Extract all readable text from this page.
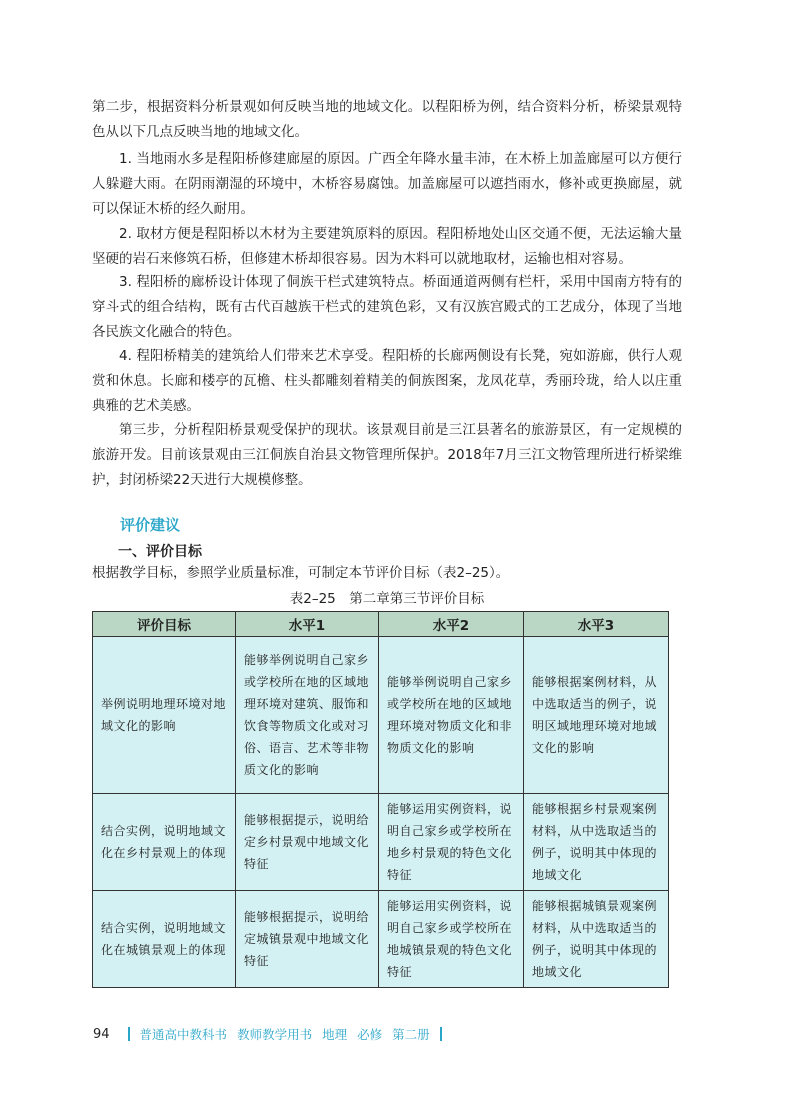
第二步，根据资料分析景观如何反映当地的地域文化。以程阳桥为例，结合资料分析，桥梁景观特色从以下几点反映当地的地域文化。

1. 当地雨水多是程阳桥修建廊屋的原因。广西全年降水量丰沛，在木桥上加盖廊屋可以方便行人躲避大雨。在阴雨潮湿的环境中，木桥容易腐蚀。加盖廊屋可以遮挡雨水，修补或更换廊屋，就可以保证木桥的经久耐用。

2. 取材方便是程阳桥以木材为主要建筑原料的原因。程阳桥地处山区交通不便，无法运输大量坚硬的岩石来修筑石桥，但修建木桥却很容易。因为木料可以就地取材，运输也相对容易。

3. 程阳桥的廊桥设计体现了侗族干栏式建筑特点。桥面通道两侧有栏杆，采用中国南方特有的穿斗式的组合结构，既有古代百越族干栏式的建筑色彩，又有汉族宫殿式的工艺成分，体现了当地各民族文化融合的特色。

4. 程阳桥精美的建筑给人们带来艺术享受。程阳桥的长廊两侧设有长凳，宛如游廊，供行人观赏和休息。长廊和楼亭的瓦檐、柱头都雕刻着精美的侗族图案，龙凤花草，秀丽玲珑，给人以庄重典雅的艺术美感。

第三步，分析程阳桥景观受保护的现状。该景观目前是三江县著名的旅游景区，有一定规模的旅游开发。目前该景观由三江侗族自治县文物管理所保护。2018年7月三江文物管理所进行桥梁维护，封闭桥梁22天进行大规模修整。

评价建议
一、评价目标

根据教学目标，参照学业质量标准，可制定本节评价目标（表2–25）。

表2–25　第二章第三节评价目标
评价目标	水平1	水平2	水平3
举例说明地理环境对地域文化的影响	能够举例说明自己家乡或学校所在地的区域地理环境对建筑、服饰和饮食等物质文化或对习俗、语言、艺术等非物质文化的影响	能够举例说明自己家乡或学校所在地的区域地理环境对物质文化和非物质文化的影响	能够根据案例材料，从中选取适当的例子，说明区域地理环境对地域文化的影响
结合实例，说明地域文化在乡村景观上的体现	能够根据提示，说明给定乡村景观中地域文化特征	能够运用实例资料，说明自己家乡或学校所在地乡村景观的特色文化特征	能够根据乡村景观案例材料，从中选取适当的例子，说明其中体现的地域文化
结合实例，说明地域文化在城镇景观上的体现	能够根据提示，说明给定城镇景观中地域文化特征	能够运用实例资料，说明自己家乡或学校所在地城镇景观的特色文化特征	能够根据城镇景观案例材料，从中选取适当的例子，说明其中体现的地域文化
94 普通高中教科书 教师教学用书 地理 必修 第二册
